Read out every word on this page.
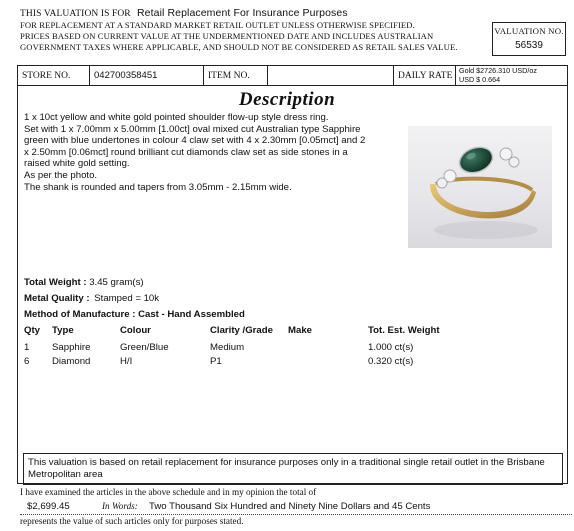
THIS VALUATION IS FOR Retail Replacement For Insurance Purposes
FOR REPLACEMENT AT A STANDARD MARKET RETAIL OUTLET UNLESS OTHERWISE SPECIFIED.
PRICES BASED ON CURRENT VALUE AT THE UNDERMENTIONED DATE AND INCLUDES AUSTRALIAN
GOVERNMENT TAXES WHERE APPLICABLE, AND SHOULD NOT BE CONSIDERED AS RETAIL SALES VALUE.
VALUATION NO.
56539
STORE NO.	042700358451	ITEM NO.	DAILY RATE Gold $2726.310 USD/oz
USD $ 0.664
Description
1 x 10ct yellow and white gold pointed shoulder flow-up style dress ring.
Set with 1 x 7.00mm x 5.00mm [1.00ct] oval mixed cut Australian type Sapphire
green with blue undertones in colour 4 claw set with 4 x 2.30mm [0.05mct] and 2
x 2.50mm [0.06mct] round brilliant cut diamonds claw set as side stones in a
raised white gold setting.
As per the photo.
The shank is rounded and tapers from 3.05mm - 2.15mm wide.
Total Weight : 3.45 gram(s)
Metal Quality : Stamped = 10k
Method of Manufacture : Cast - Hand Assembled
Qty Type	Colour	Clarity /Grade Make	Tot. Est. Weight
1 Sapphire	Green/Blue	Medium	1.000 ct(s)
6 Diamond	H/I	P1	0.320 ct(s)
This valuation is based on retail replacement for insurance purposes only in a traditional single retail outlet in the Brisbane Metropolitan area
I have examined the articles in the above schedule and in my opinion the total of
$2,699.45	In Words: Two Thousand Six Hundred and Ninety Nine Dollars and 45 Cents
represents the value of such articles only for purposes stated.
